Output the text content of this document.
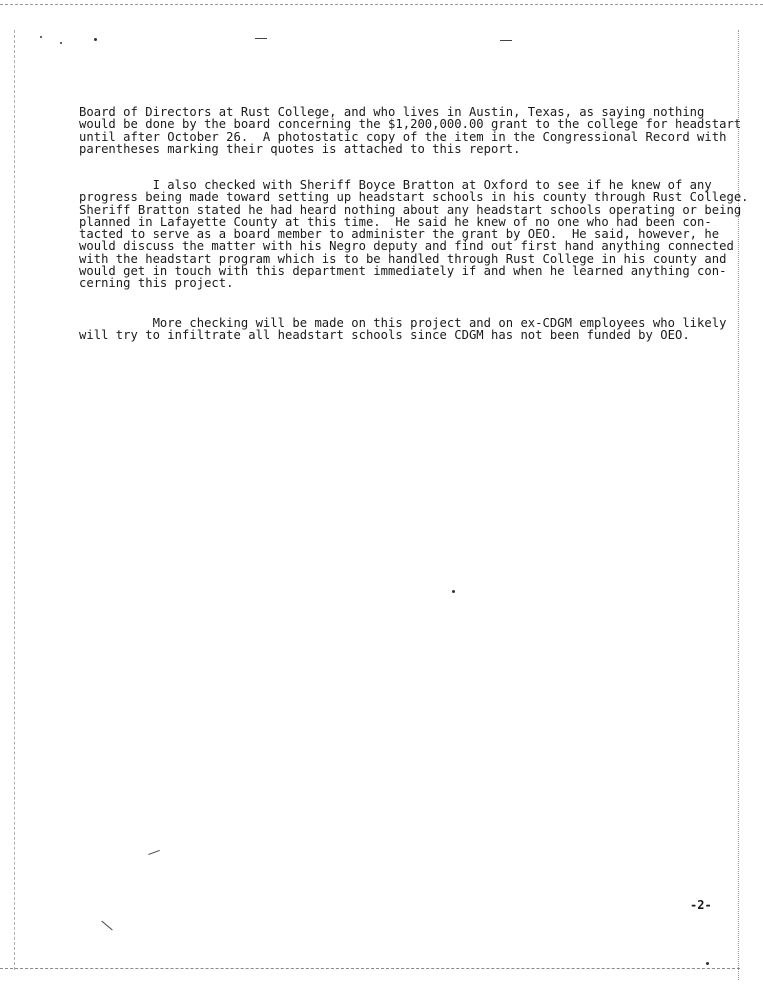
Board of Directors at Rust College, and who lives in Austin, Texas, as saying nothing
would be done by the board concerning the $1,200,000.00 grant to the college for headstart
until after October 26.  A photostatic copy of the item in the Congressional Record with
parentheses marking their quotes is attached to this report.
I also checked with Sheriff Boyce Bratton at Oxford to see if he knew of any
progress being made toward setting up headstart schools in his county through Rust College.
Sheriff Bratton stated he had heard nothing about any headstart schools operating or being
planned in Lafayette County at this time.  He said he knew of no one who had been con-
tacted to serve as a board member to administer the grant by OEO.  He said, however, he
would discuss the matter with his Negro deputy and find out first hand anything connected
with the headstart program which is to be handled through Rust College in his county and
would get in touch with this department immediately if and when he learned anything con-
cerning this project.
More checking will be made on this project and on ex-CDGM employees who likely
will try to infiltrate all headstart schools since CDGM has not been funded by OEO.
-2-
